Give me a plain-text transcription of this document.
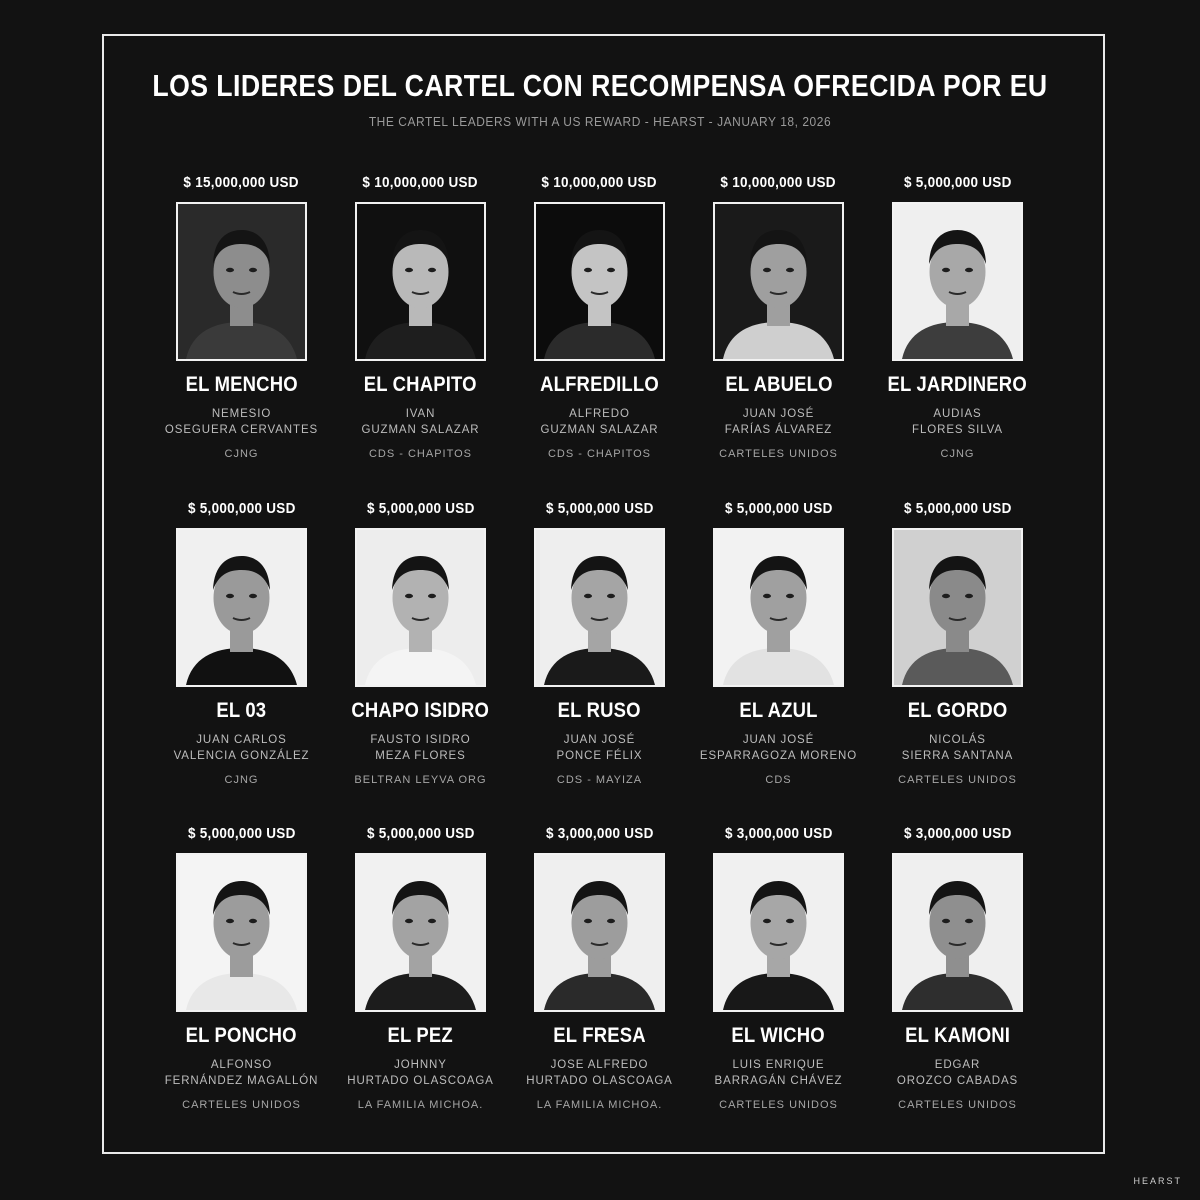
LOS LIDERES DEL CARTEL CON RECOMPENSA OFRECIDA POR EU
THE CARTEL LEADERS WITH A US REWARD - HEARST - JANUARY 18, 2026
$ 15,000,000 USD
EL MENCHO
NEMESIO
OSEGUERA CERVANTES
CJNG
$ 10,000,000 USD
EL CHAPITO
IVAN
GUZMAN SALAZAR
CDS - CHAPITOS
$ 10,000,000 USD
ALFREDILLO
ALFREDO
GUZMAN SALAZAR
CDS - CHAPITOS
$ 10,000,000 USD
EL ABUELO
JUAN JOSÉ
FARÍAS ÁLVAREZ
CARTELES UNIDOS
$ 5,000,000 USD
EL JARDINERO
AUDIAS
FLORES SILVA
CJNG
$ 5,000,000 USD
EL 03
JUAN CARLOS
VALENCIA GONZÁLEZ
CJNG
$ 5,000,000 USD
CHAPO ISIDRO
FAUSTO ISIDRO
MEZA FLORES
BELTRAN LEYVA ORG
$ 5,000,000 USD
EL RUSO
JUAN JOSÉ
PONCE FÉLIX
CDS - MAYIZA
$ 5,000,000 USD
EL AZUL
JUAN JOSÉ
ESPARRAGOZA MORENO
CDS
$ 5,000,000 USD
EL GORDO
NICOLÁS
SIERRA SANTANA
CARTELES UNIDOS
$ 5,000,000 USD
EL PONCHO
ALFONSO
FERNÁNDEZ MAGALLÓN
CARTELES UNIDOS
$ 5,000,000 USD
EL PEZ
JOHNNY
HURTADO OLASCOAGA
LA FAMILIA MICHOA.
$ 3,000,000 USD
EL FRESA
JOSE ALFREDO
HURTADO OLASCOAGA
LA FAMILIA MICHOA.
$ 3,000,000 USD
EL WICHO
LUIS ENRIQUE
BARRAGÁN CHÁVEZ
CARTELES UNIDOS
$ 3,000,000 USD
EL KAMONI
EDGAR
OROZCO CABADAS
CARTELES UNIDOS
HEARST
